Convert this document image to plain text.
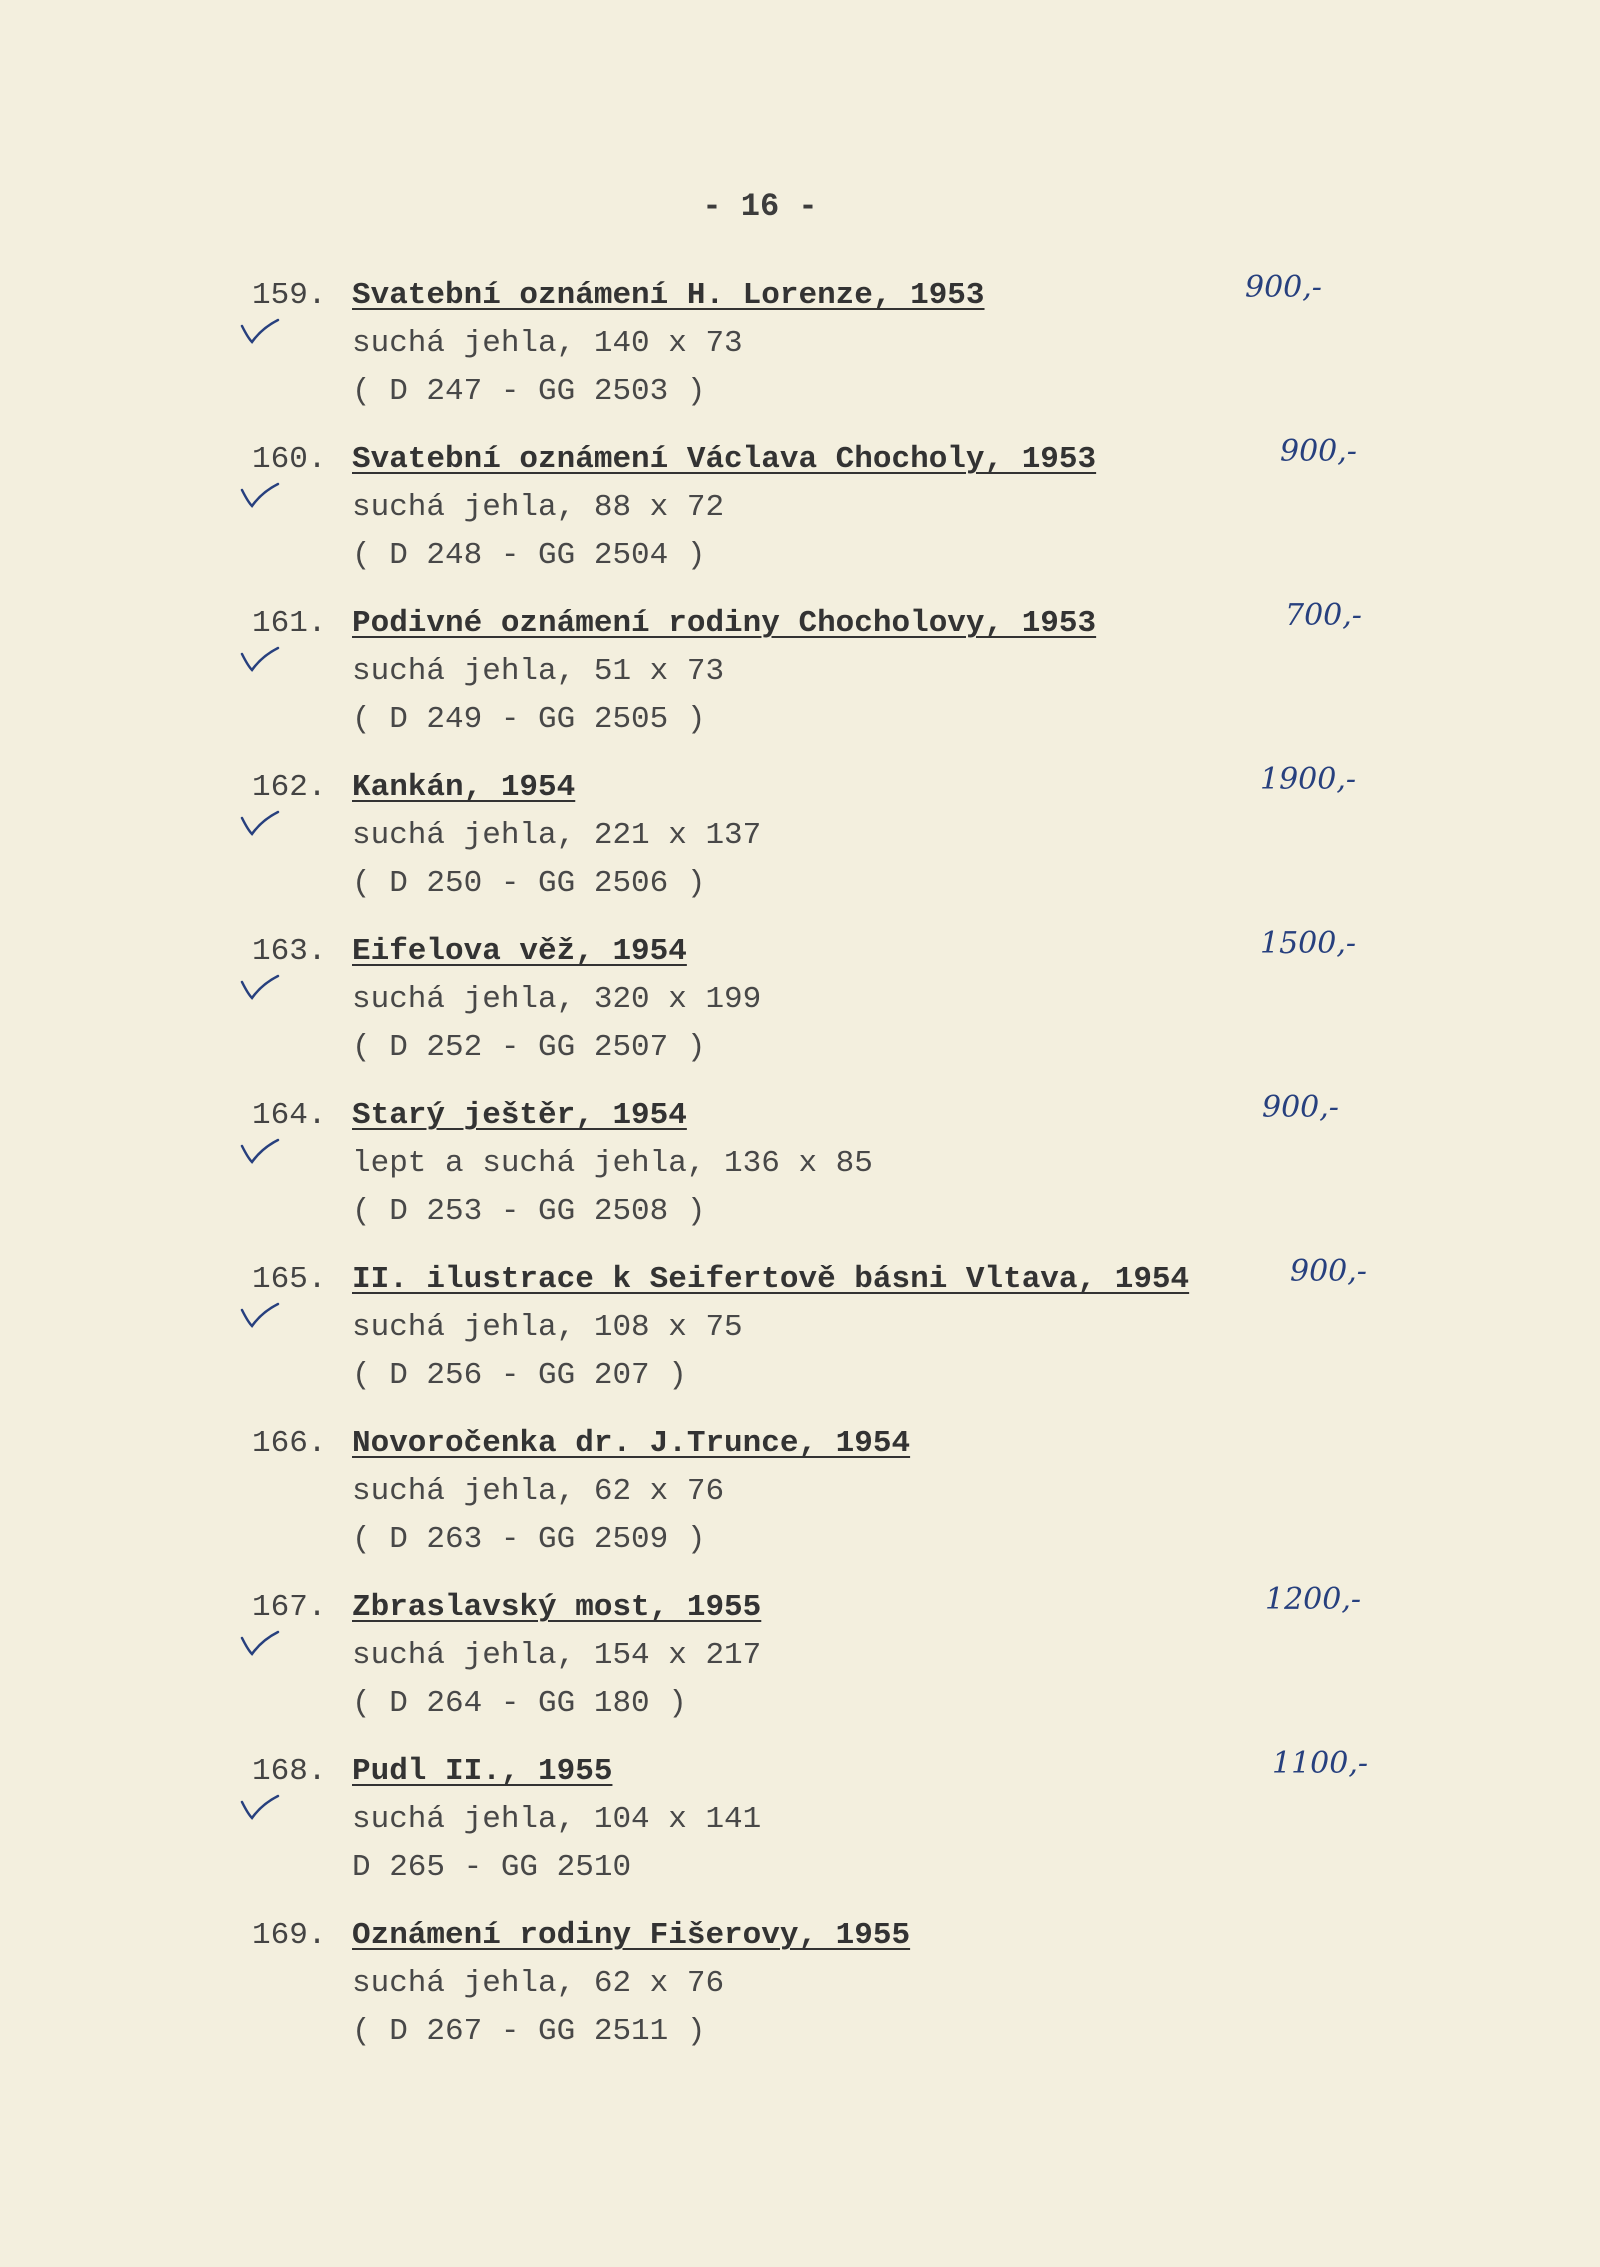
- 16 -
159. Svatební oznámení H. Lorenze, 1953
suchá jehla, 140 x 73
( D 247 - GG 2503 )
900,-
160. Svatební oznámení Václava Chocholy, 1953
suchá jehla, 88 x 72
( D 248 - GG 2504 )
900,-
161. Podivné oznámení rodiny Chocholovy, 1953
suchá jehla, 51 x 73
( D 249 - GG 2505 )
700,-
162. Kankán, 1954
suchá jehla, 221 x 137
( D 250 - GG 2506 )
1900,-
163. Eifelova věž, 1954
suchá jehla, 320 x 199
( D 252 - GG 2507 )
1500,-
164. Starý ještěr, 1954
lept a suchá jehla, 136 x 85
( D 253 - GG 2508 )
900,-
165. II. ilustrace k Seifertově básni Vltava, 1954
suchá jehla, 108 x 75
( D 256 - GG 207 )
900,-
166. Novoročenka dr. J.Trunce, 1954
suchá jehla, 62 x 76
( D 263 - GG 2509 )
167. Zbraslavský most, 1955
suchá jehla, 154 x 217
( D 264 - GG 180 )
1200,-
168. Pudl II., 1955
suchá jehla, 104 x 141
D 265 - GG 2510
1100,-
169. Oznámení rodiny Fišerovy, 1955
suchá jehla, 62 x 76
( D 267 - GG 2511 )
